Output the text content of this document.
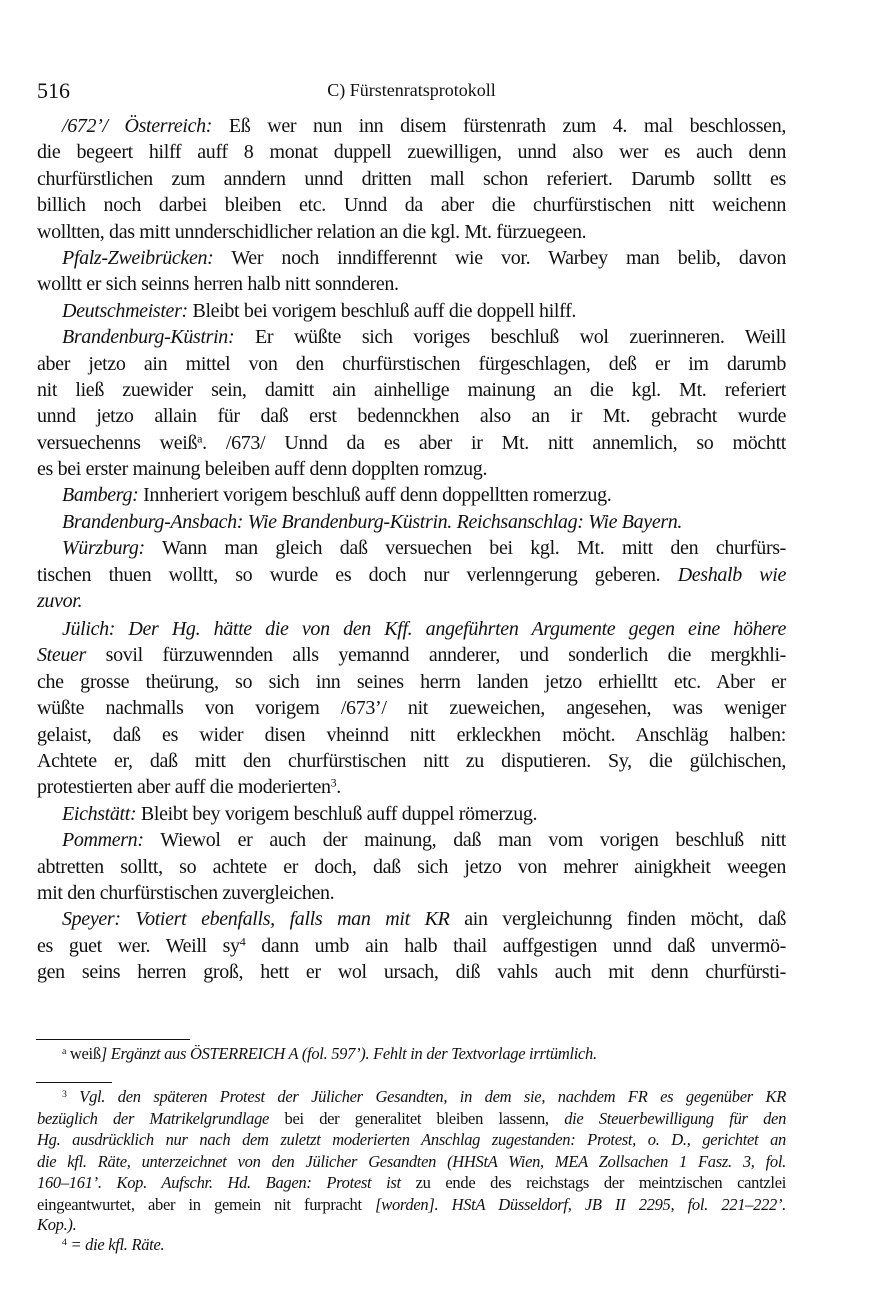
516	C) Fürstenratsprotokoll
/672’/ Österreich: Eß wer nun inn disem fürstenrath zum 4. mal beschlossen,
die begeert hilff auff 8 monat duppell zuewilligen, unnd also wer es auch denn
churfürstlichen zum anndern unnd dritten mall schon referiert. Darumb solltt es
billich noch darbei bleiben etc. Unnd da aber die churfürstischen nitt weichenn
wolltten, das mitt unnderschidlicher relation an die kgl. Mt. fürzuegeen.
Pfalz-Zweibrücken: Wer noch inndifferennt wie vor. Warbey man belib, davon
wolltt er sich seinns herren halb nitt sonnderen.
Deutschmeister: Bleibt bei vorigem beschluß auff die doppell hilff.
Brandenburg-Küstrin: Er wüßte sich voriges beschluß wol zuerinneren. Weill
aber jetzo ain mittel von den churfürstischen fürgeschlagen, deß er im darumb
nit ließ zuewider sein, damitt ain ainhellige mainung an die kgl. Mt. referiert
unnd jetzo allain für daß erst bedennckhen also an ir Mt. gebracht wurde
versuechenns weiß$^a$. /673/ Unnd da es aber ir Mt. nitt annemlich, so möchtt
es bei erster mainung beleiben auff denn dopplten romzug.
Bamberg: Innheriert vorigem beschluß auff denn doppelltten romerzug.
Brandenburg-Ansbach: Wie Brandenburg-Küstrin. Reichsanschlag: Wie Bayern.
Würzburg: Wann man gleich daß versuechen bei kgl. Mt. mitt den churfürs-
tischen thuen wolltt, so wurde es doch nur verlenngerung geberen. Deshalb wie
zuvor.
Jülich: Der Hg. hätte die von den Kff. angeführten Argumente gegen eine höhere
Steuer sovil fürzuwennden alls yemannd annderer, und sonderlich die mergkhli-
che grosse theürung, so sich inn seines herrn landen jetzo erhielltt etc. Aber er
wüßte nachmalls von vorigem /673’/ nit zueweichen, angesehen, was weniger
gelaist, daß es wider disen vheinnd nitt erkleckhen möcht. Anschläg halben:
Achtete er, daß mitt den churfürstischen nitt zu disputieren. Sy, die gülchischen,
protestierten aber auff die moderierten$^3$.
Eichstätt: Bleibt bey vorigem beschluß auff duppel römerzug.
Pommern: Wiewol er auch der mainung, daß man vom vorigen beschluß nitt
abtretten solltt, so achtete er doch, daß sich jetzo von mehrer ainigkheit weegen
mit den churfürstischen zuvergleichen.
Speyer: Votiert ebenfalls, falls man mit KR ain vergleichunng finden möcht, daß
es guet wer. Weill $sy^4$ dann umb ain halb thail auffgestigen unnd daß unvermö-
gen seins herren groß, hett er wol ursach, diß vahls auch mit denn churfürsti-
$^a$ weiß] Ergänzt aus ÖSTERREICH A (fol. 597’). Fehlt in der Textvorlage irrtümlich.
$^3$ Vgl. den späteren Protest der Jülicher Gesandten, in dem sie, nachdem FR es gegenüber KR
bezüglich der Matrikelgrundlage bei der generalitet bleiben lassenn, die Steuerbewilligung für den
Hg. ausdrücklich nur nach dem zuletzt moderierten Anschlag zugestanden: Protest, o. D., gerichtet an
die kfl. Räte, unterzeichnet von den Jülicher Gesandten (HHStA Wien, MEA Zollsachen 1 Fasz. 3, fol.
160–161’. Kop. Aufschr. Hd. Bagen: Protest ist zu ende des reichstags der meintzischen cantzlei
eingeantwurtet, aber in gemein nit furpracht [worden]. HStA Düsseldorf, JB II 2295, fol. 221–222’.
Kop.).
$^4$ = die kfl. Räte.
